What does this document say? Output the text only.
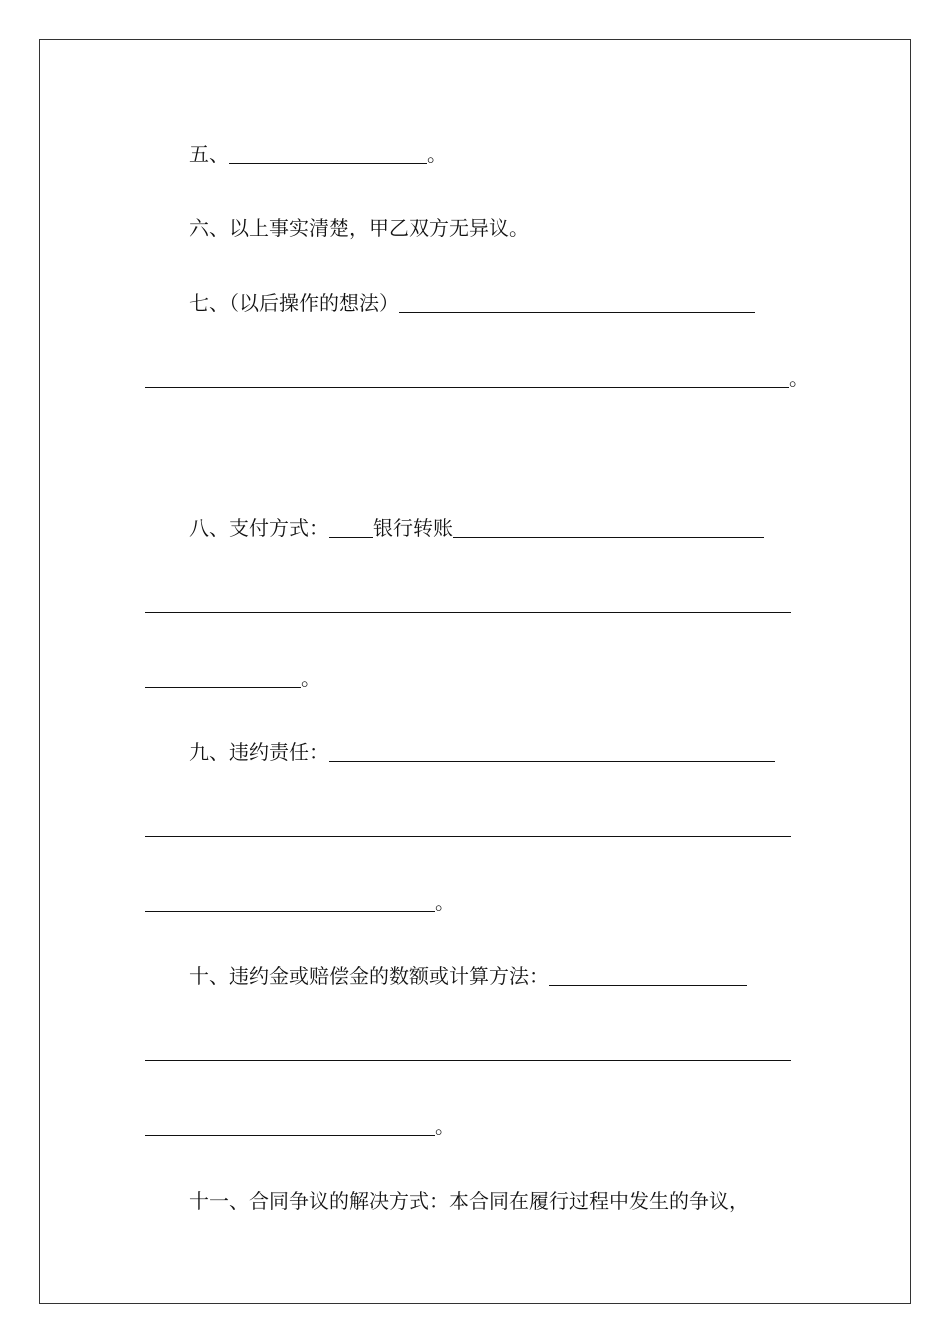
五、	。
六、以上事实清楚，甲乙双方无异议。
七、（以后操作的想法）
。
八、支付方式： 银行转账
。
九、违约责任：
。
十、违约金或赔偿金的数额或计算方法：
。
十一、合同争议的解决方式：本合同在履行过程中发生的争议，
